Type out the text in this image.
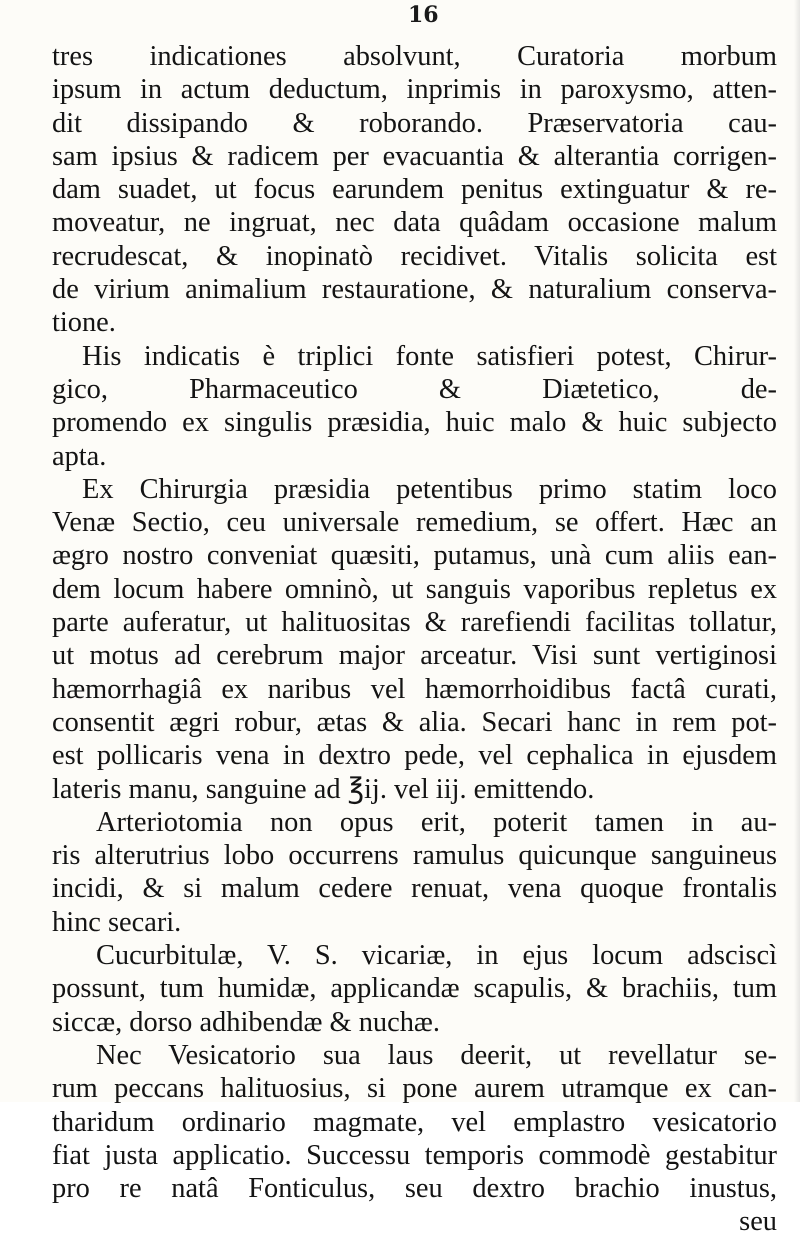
16
tres indicationes absolvunt, Curatoria morbum
ipsum in actum deductum, inprimis in paroxysmo, atten-
dit dissipando & roborando. Præservatoria cau-
sam ipsius & radicem per evacuantia & alterantia corrigen-
dam suadet, ut focus earundem penitus extinguatur & re-
moveatur, ne ingruat, nec data quâdam occasione malum
recrudescat, & inopinatò recidivet. Vitalis solicita est
de virium animalium restauratione, & naturalium conserva-
tione.
His indicatis è triplici fonte satisfieri potest, Chirur-
gico, Pharmaceutico & Diætetico, de-
promendo ex singulis præsidia, huic malo & huic subjecto
apta.
Ex Chirurgia præsidia petentibus primo statim loco
Venæ Sectio, ceu universale remedium, se offert. Hæc an
ægro nostro conveniat quæsiti, putamus, unà cum aliis ean-
dem locum habere omninò, ut sanguis vaporibus repletus ex
parte auferatur, ut halituositas & rarefiendi facilitas tollatur,
ut motus ad cerebrum major arceatur. Visi sunt vertiginosi
hæmorrhagiâ ex naribus vel hæmorrhoidibus factâ curati,
consentit ægri robur, ætas & alia. Secari hanc in rem pot-
est pollicaris vena in dextro pede, vel cephalica in ejusdem
lateris manu, sanguine ad ℥ij. vel iij. emittendo.
Arteriotomia non opus erit, poterit tamen in au-
ris alterutrius lobo occurrens ramulus quicunque sanguineus
incidi, & si malum cedere renuat, vena quoque frontalis
hinc secari.
Cucurbitulæ, V. S. vicariæ, in ejus locum adsciscì
possunt, tum humidæ, applicandæ scapulis, & brachiis, tum
siccæ, dorso adhibendæ & nuchæ.
Nec Vesicatorio sua laus deerit, ut revellatur se-
rum peccans halituosius, si pone aurem utramque ex can-
tharidum ordinario magmate, vel emplastro vesicatorio
fiat justa applicatio. Successu temporis commodè gestabitur
pro re natâ Fonticulus, seu dextro brachio inustus,
seu
